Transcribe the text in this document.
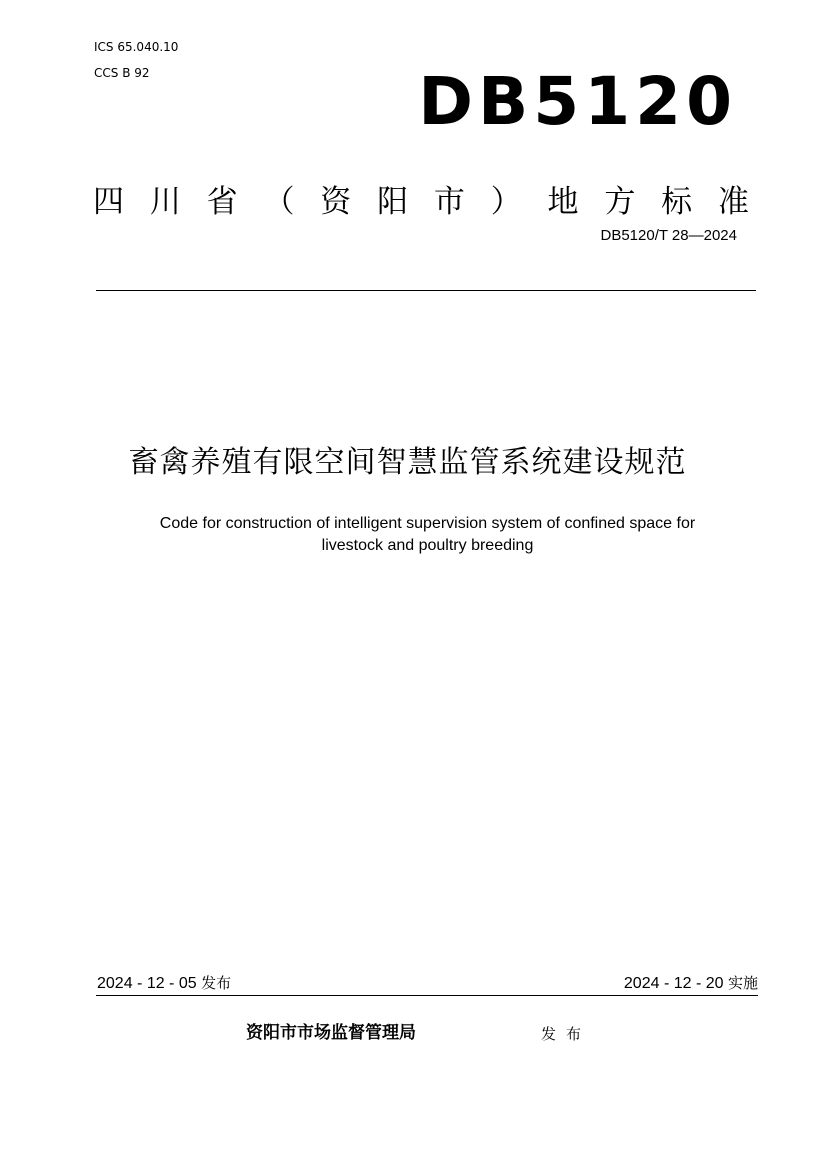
ICS 65.040.10
CCS B 92	DB5120
四 川 省 （ 资 阳 市 ） 地 方 标 准
DB5120/T 28—2024
畜禽养殖有限空间智慧监管系统建设规范
Code for construction of intelligent supervision system of confined space for
livestock and poultry breeding
2024 - 12 - 05 发布	2024 - 12 - 20 实施
资阳市市场监督管理局	发布
